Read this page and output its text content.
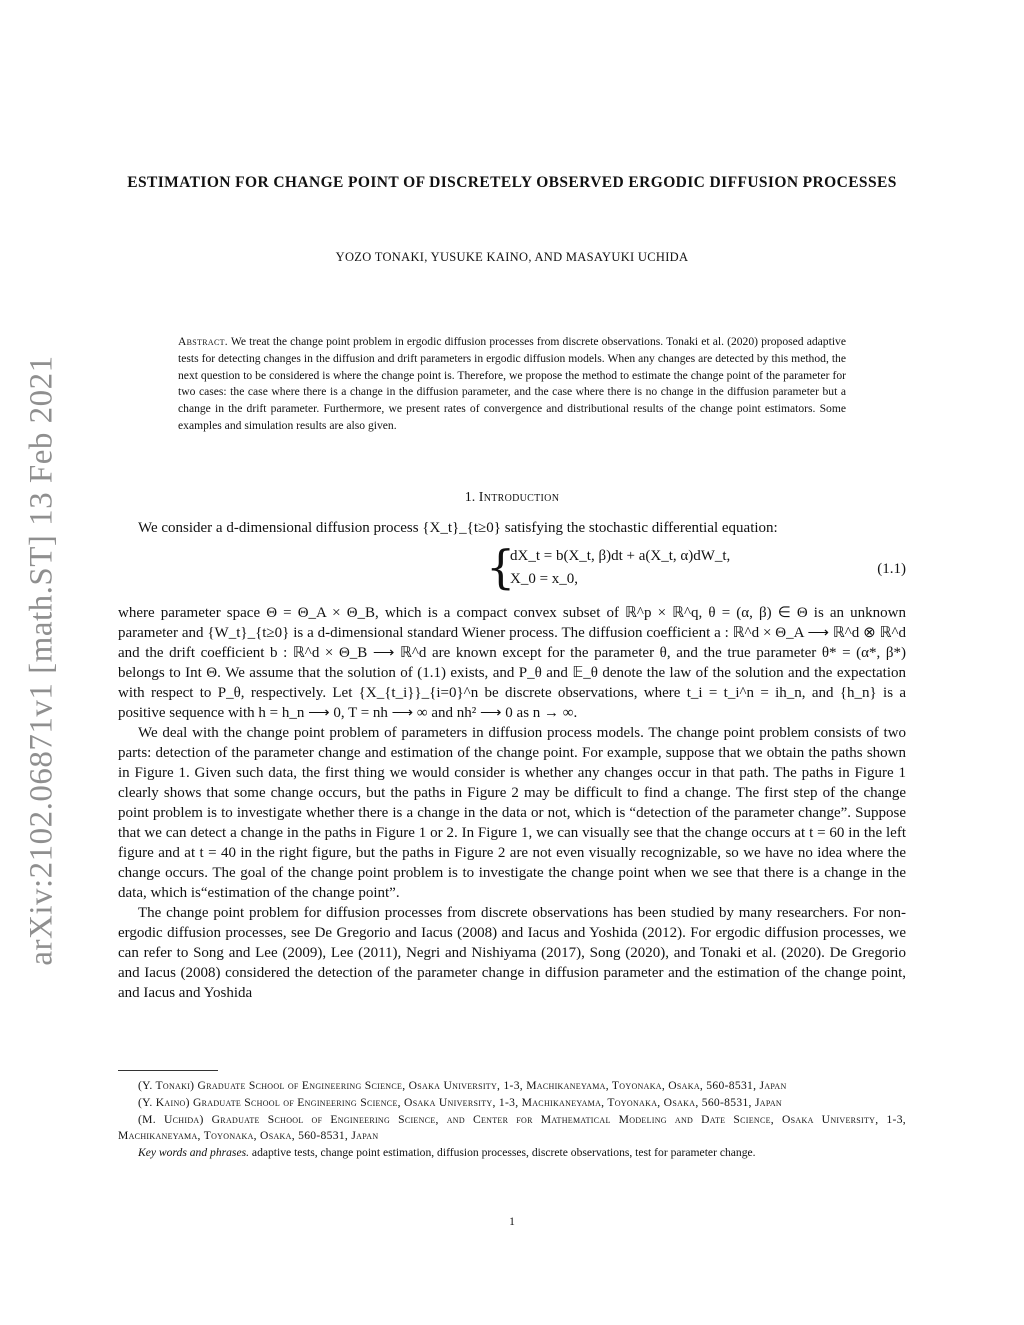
arXiv:2102.06871v1 [math.ST] 13 Feb 2021
ESTIMATION FOR CHANGE POINT OF DISCRETELY OBSERVED ERGODIC DIFFUSION PROCESSES
YOZO TONAKI, YUSUKE KAINO, AND MASAYUKI UCHIDA
Abstract. We treat the change point problem in ergodic diffusion processes from discrete observations. Tonaki et al. (2020) proposed adaptive tests for detecting changes in the diffusion and drift parameters in ergodic diffusion models. When any changes are detected by this method, the next question to be considered is where the change point is. Therefore, we propose the method to estimate the change point of the parameter for two cases: the case where there is a change in the diffusion parameter, and the case where there is no change in the diffusion parameter but a change in the drift parameter. Furthermore, we present rates of convergence and distributional results of the change point estimators. Some examples and simulation results are also given.
1. Introduction

We consider a d-dimensional diffusion process {X_t}_{t≥0} satisfying the stochastic differential equation:

{
dX_t = b(X_t, β)dt + a(X_t, α)dW_t,
X_0 = x_0,
(1.1)

where parameter space Θ = Θ_A × Θ_B, which is a compact convex subset of ℝ^p × ℝ^q, θ = (α, β) ∈ Θ is an unknown parameter and {W_t}_{t≥0} is a d-dimensional standard Wiener process. The diffusion coefficient a : ℝ^d × Θ_A ⟶ ℝ^d ⊗ ℝ^d and the drift coefficient b : ℝ^d × Θ_B ⟶ ℝ^d are known except for the parameter θ, and the true parameter θ* = (α*, β*) belongs to Int Θ. We assume that the solution of (1.1) exists, and P_θ and 𝔼_θ denote the law of the solution and the expectation with respect to P_θ, respectively. Let {X_{t_i}}_{i=0}^n be discrete observations, where t_i = t_i^n = ih_n, and {h_n} is a positive sequence with h = h_n ⟶ 0, T = nh ⟶ ∞ and nh² ⟶ 0 as n → ∞.

We deal with the change point problem of parameters in diffusion process models. The change point problem consists of two parts: detection of the parameter change and estimation of the change point. For example, suppose that we obtain the paths shown in Figure 1. Given such data, the first thing we would consider is whether any changes occur in that path. The paths in Figure 1 clearly shows that some change occurs, but the paths in Figure 2 may be difficult to find a change. The first step of the change point problem is to investigate whether there is a change in the data or not, which is “detection of the parameter change”. Suppose that we can detect a change in the paths in Figure 1 or 2. In Figure 1, we can visually see that the change occurs at t = 60 in the left figure and at t = 40 in the right figure, but the paths in Figure 2 are not even visually recognizable, so we have no idea where the change occurs. The goal of the change point problem is to investigate the change point when we see that there is a change in the data, which is“estimation of the change point”.

The change point problem for diffusion processes from discrete observations has been studied by many researchers. For non-ergodic diffusion processes, see De Gregorio and Iacus (2008) and Iacus and Yoshida (2012). For ergodic diffusion processes, we can refer to Song and Lee (2009), Lee (2011), Negri and Nishiyama (2017), Song (2020), and Tonaki et al. (2020). De Gregorio and Iacus (2008) considered the detection of the parameter change in diffusion parameter and the estimation of the change point, and Iacus and Yoshida

(Y. Tonaki) Graduate School of Engineering Science, Osaka University, 1-3, Machikaneyama, Toyonaka, Osaka, 560-8531, Japan

(Y. Kaino) Graduate School of Engineering Science, Osaka University, 1-3, Machikaneyama, Toyonaka, Osaka, 560-8531, Japan

(M. Uchida) Graduate School of Engineering Science, and Center for Mathematical Modeling and Date Science, Osaka University, 1-3, Machikaneyama, Toyonaka, Osaka, 560-8531, Japan

Key words and phrases. adaptive tests, change point estimation, diffusion processes, discrete observations, test for parameter change.

1
